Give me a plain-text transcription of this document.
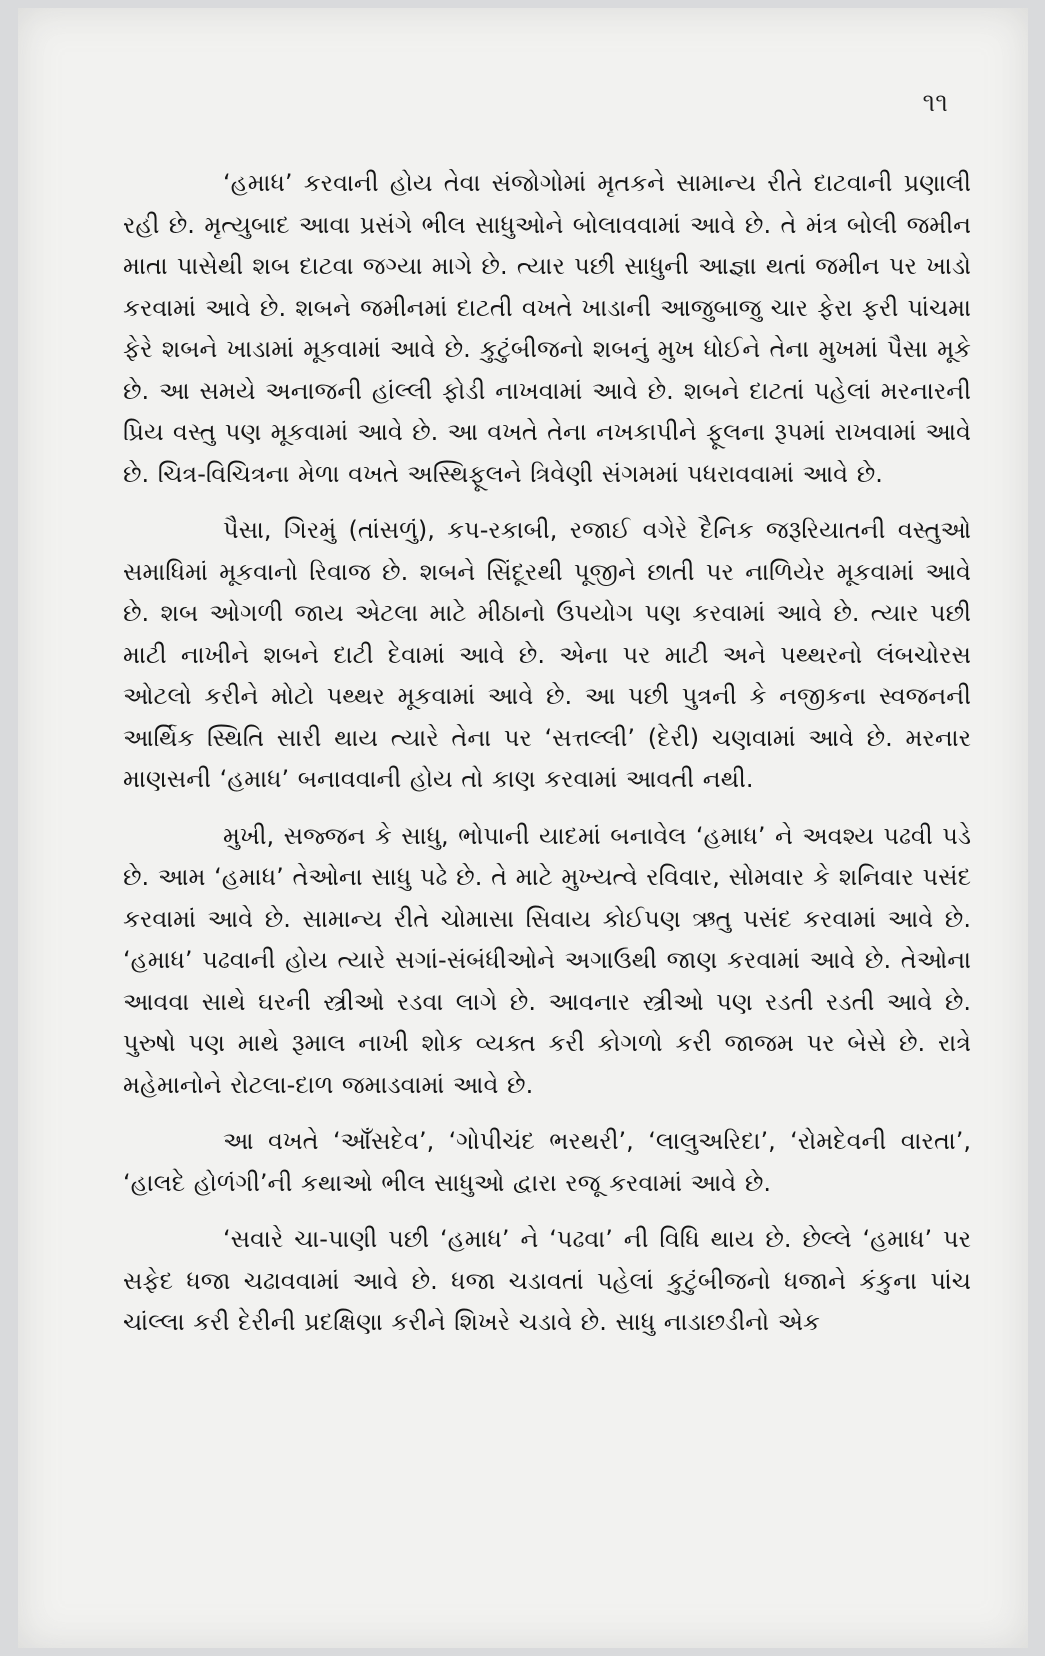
૧૧

‘હમાધ’ કરવાની હોય તેવા સંજોગોમાં મૃતકને સામાન્ય રીતે દાટવાની પ્રણાલી રહી છે. મૃત્યુબાદ આવા પ્રસંગે ભીલ સાધુઓને બોલાવવામાં આવે છે. તે મંત્ર બોલી જમીન માતા પાસેથી શબ દાટવા જગ્યા માગે છે. ત્યાર પછી સાધુની આજ્ઞા થતાં જમીન પર ખાડો કરવામાં આવે છે. શબને જમીનમાં દાટતી વખતે ખાડાની આજુબાજુ ચાર ફેરા ફરી પાંચમા ફેરે શબને ખાડામાં મૂકવામાં આવે છે. કુટુંબીજનો શબનું મુખ ધોઈને તેના મુખમાં પૈસા મૂકે છે. આ સમયે અનાજની હાંલ્લી ફોડી નાખવામાં આવે છે. શબને દાટતાં પહેલાં મરનારની પ્રિય વસ્તુ પણ મૂકવામાં આવે છે. આ વખતે તેના નખકાપીને ફૂલના રૂપમાં રાખવામાં આવે છે. ચિત્ર-વિચિત્રના મેળા વખતે અસ્થિફૂલને ત્રિવેણી સંગમમાં પધરાવવામાં આવે છે.

પૈસા, ગિરમું (તાંસળું), કપ-રકાબી, રજાઈ વગેરે દૈનિક જરૂરિયાતની વસ્તુઓ સમાધિમાં મૂકવાનો રિવાજ છે. શબને સિંદૂરથી પૂજીને છાતી પર નાળિયેર મૂકવામાં આવે છે. શબ ઓગળી જાય એટલા માટે મીઠાનો ઉપયોગ પણ કરવામાં આવે છે. ત્યાર પછી માટી નાખીને શબને દાટી દેવામાં આવે છે. એના પર માટી અને પથ્થરનો લંબચોરસ ઓટલો કરીને મોટો પથ્થર મૂકવામાં આવે છે. આ પછી પુત્રની કે નજીકના સ્વજનની આર્થિક સ્થિતિ સારી થાય ત્યારે તેના પર ‘સત્તલ્લી’ (દેરી) ચણવામાં આવે છે. મરનાર માણસની ‘હમાધ’ બનાવવાની હોય તો કાણ કરવામાં આવતી નથી.

મુખી, સજ્જન કે સાધુ, ભોપાની યાદમાં બનાવેલ ‘હમાધ’ ને અવશ્ય પઢવી પડે છે. આમ ‘હમાધ’ તેઓના સાધુ પઢે છે. તે માટે મુખ્યત્વે રવિવાર, સોમવાર કે શનિવાર પસંદ કરવામાં આવે છે. સામાન્ય રીતે ચોમાસા સિવાય કોઈપણ ઋતુ પસંદ કરવામાં આવે છે. ‘હમાધ’ પઢવાની હોય ત્યારે સગાં-સંબંધીઓને અગાઉથી જાણ કરવામાં આવે છે. તેઓના આવવા સાથે ઘરની સ્ત્રીઓ રડવા લાગે છે. આવનાર સ્ત્રીઓ પણ રડતી રડતી આવે છે. પુરુષો પણ માથે રૂમાલ નાખી શોક વ્યક્ત કરી કોગળો કરી જાજમ પર બેસે છે. રાત્રે મહેમાનોને રોટલા-દાળ જમાડવામાં આવે છે.

આ વખતે ‘આઁસદેવ’, ‘ગોપીચંદ ભરથરી’, ‘લાલુઅરિદા’, ‘રોમદેવની વારતા’, ‘હાલદે હોળંગી’ની કથાઓ ભીલ સાધુઓ દ્વારા રજૂ કરવામાં આવે છે.

‘સવારે ચા-પાણી પછી ‘હમાધ’ ને ‘પઢવા’ ની વિધિ થાય છે. છેલ્લે ‘હમાધ’ પર સફેદ ધજા ચઢાવવામાં આવે છે. ધજા ચડાવતાં પહેલાં કુટુંબીજનો ધજાને કંકુના પાંચ ચાંલ્લા કરી દેરીની પ્રદક્ષિણા કરીને શિખરે ચડાવે છે. સાધુ નાડાછડીનો એક
